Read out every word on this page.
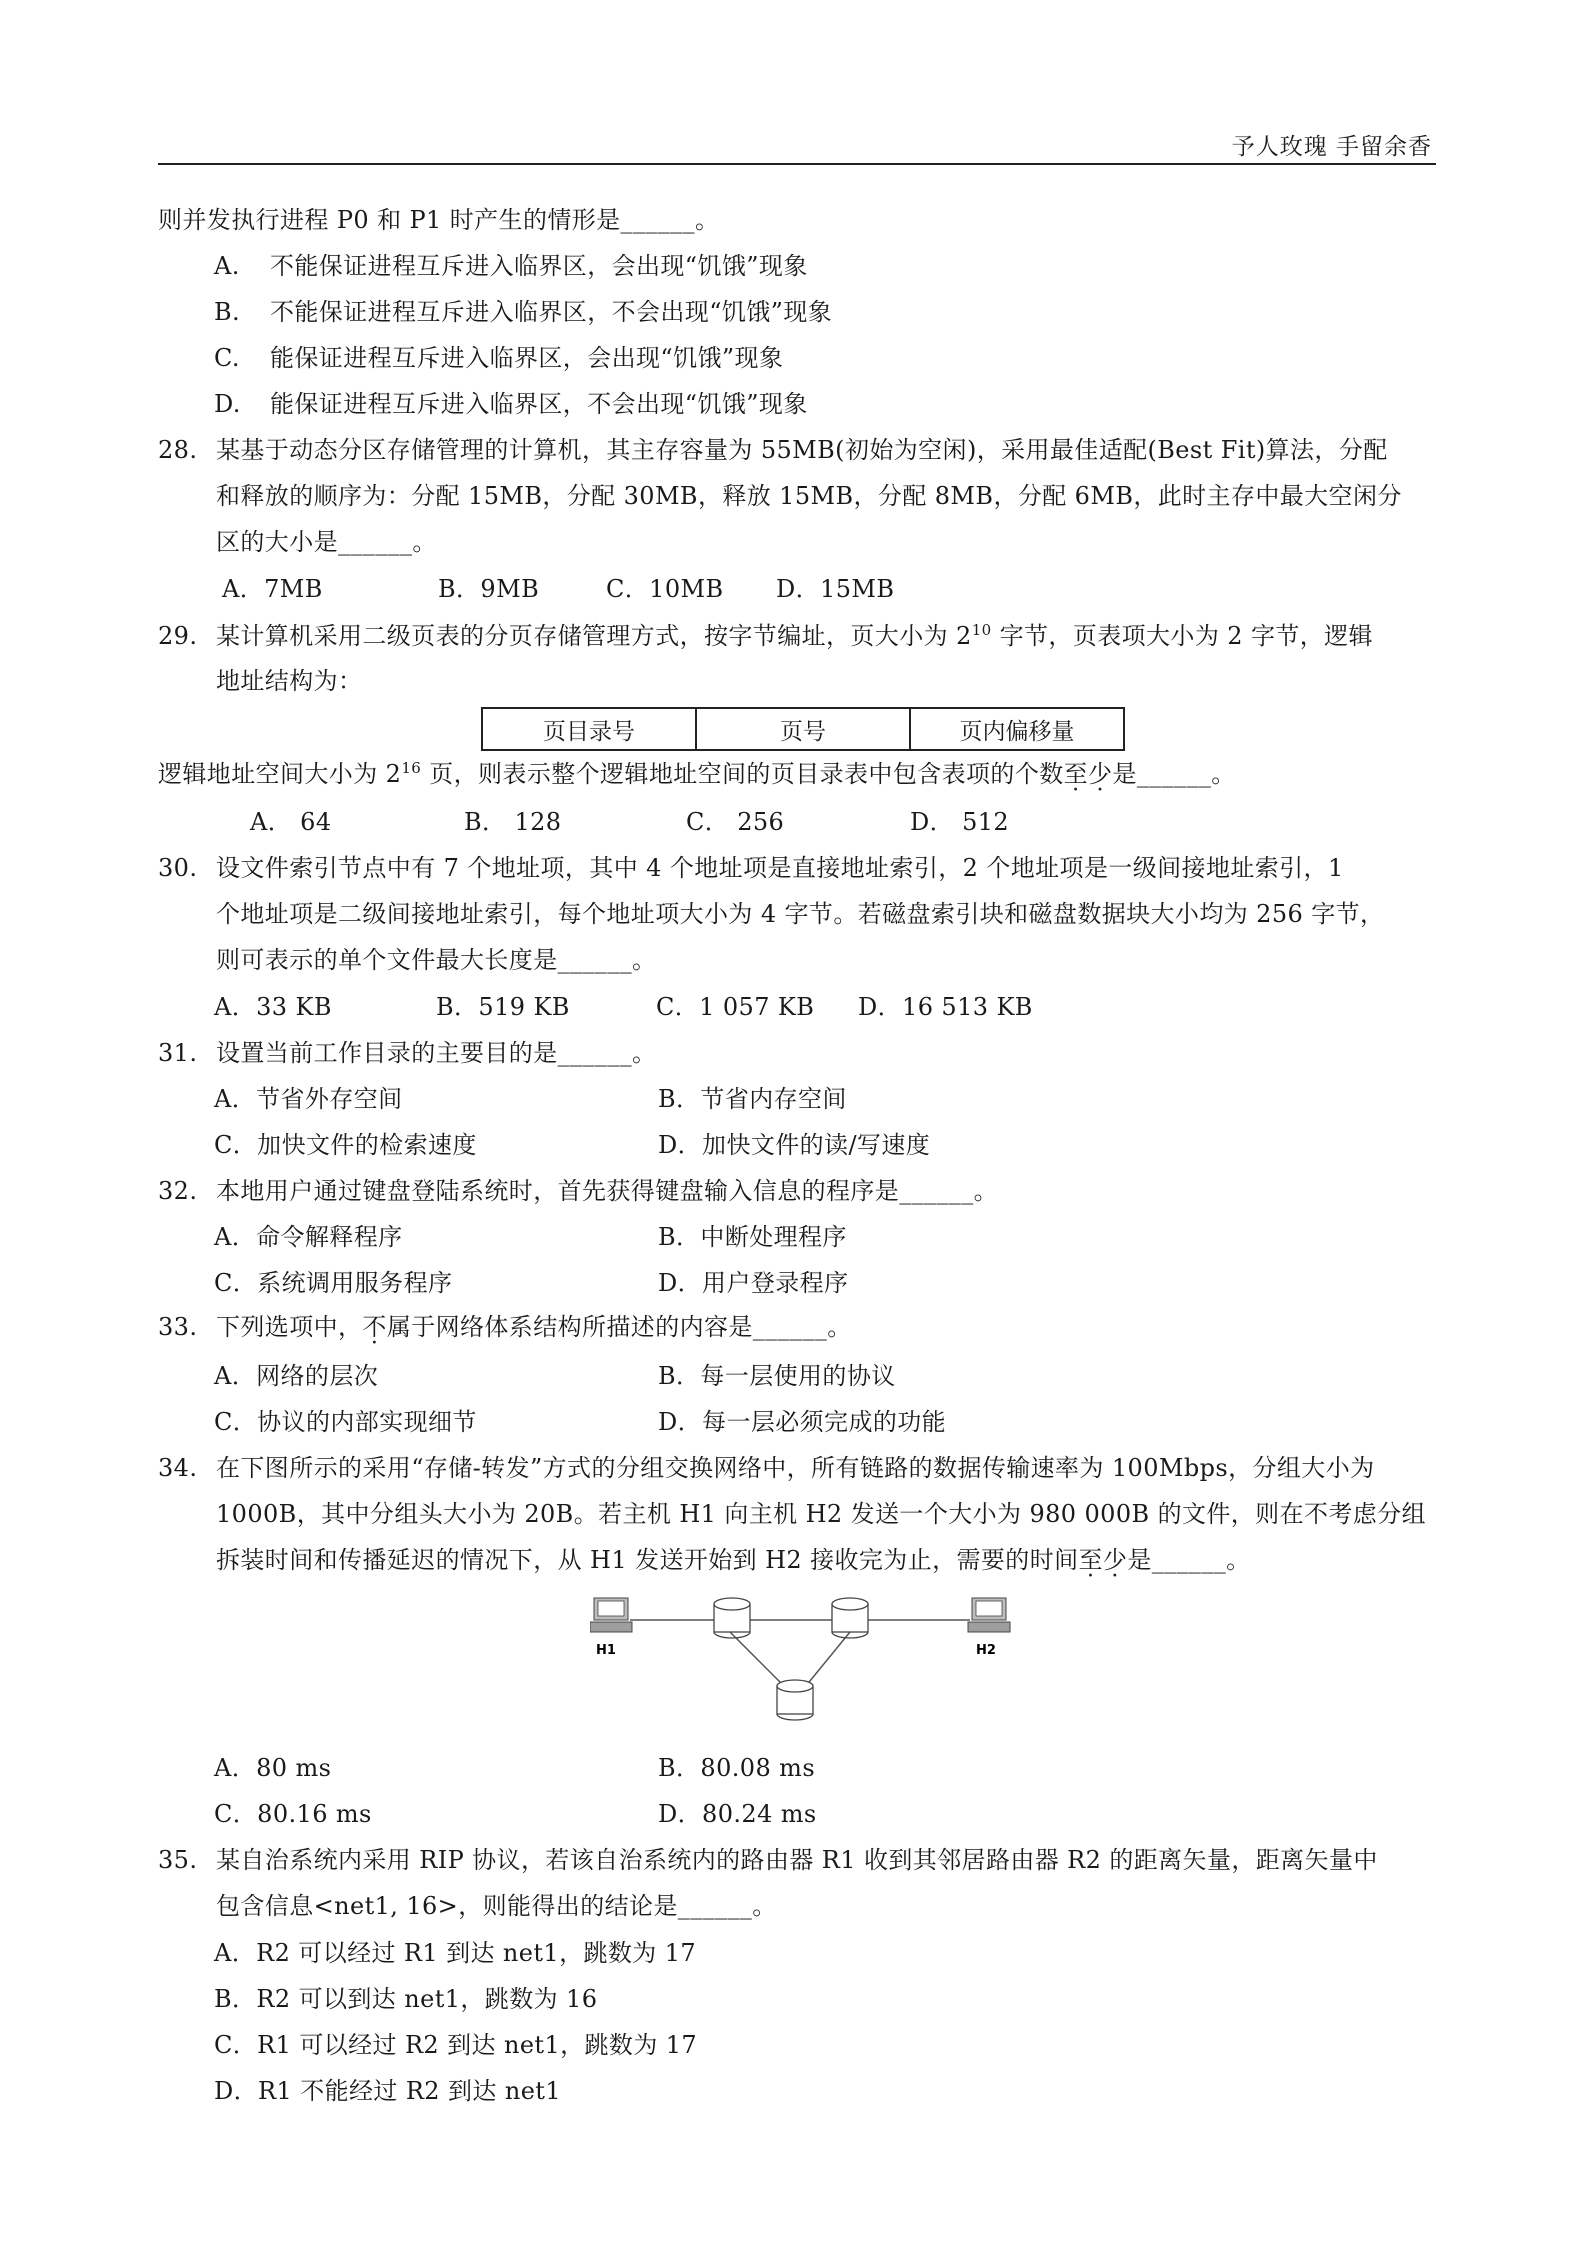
予人玫瑰 手留余香
则并发执行进程 P0 和 P1 时产生的情形是______。
A. 不能保证进程互斥进入临界区，会出现“饥饿”现象
B. 不能保证进程互斥进入临界区，不会出现“饥饿”现象
C. 能保证进程互斥进入临界区，会出现“饥饿”现象
D. 能保证进程互斥进入临界区，不会出现“饥饿”现象
28. 某基于动态分区存储管理的计算机，其主存容量为 55MB(初始为空闲)，采用最佳适配(Best Fit)算法，分配
和释放的顺序为：分配 15MB，分配 30MB，释放 15MB，分配 8MB，分配 6MB，此时主存中最大空闲分
区的大小是______。
A．7MB	B．9MB	C．10MB D．15MB
29. 某计算机采用二级页表的分页存储管理方式，按字节编址，页大小为 $2^{10}$ 字节，页表项大小为 2 字节，逻辑
地址结构为：
页目录号	页号	页内偏移量
逻辑地址空间大小为 $2^{16}$ 页，则表示整个逻辑地址空间的页目录表中包含表项的个数至少是______。
A． 64	B． 128	C． 256	D． 512
30. 设文件索引节点中有 7 个地址项，其中 4 个地址项是直接地址索引，2 个地址项是一级间接地址索引，1
个地址项是二级间接地址索引，每个地址项大小为 4 字节。若磁盘索引块和磁盘数据块大小均为 256 字节，
则可表示的单个文件最大长度是______。
A．33 KB	B．519 KB	C．1 057 KB D．16 513 KB
31. 设置当前工作目录的主要目的是______。
A．节省外存空间	B．节省内存空间
C．加快文件的检索速度	D．加快文件的读/写速度
32. 本地用户通过键盘登陆系统时，首先获得键盘输入信息的程序是______。
A．命令解释程序	B．中断处理程序
C．系统调用服务程序	D．用户登录程序
33. 下列选项中，不属于网络体系结构所描述的内容是______。
A．网络的层次	B．每一层使用的协议
C．协议的内部实现细节	D．每一层必须完成的功能
34. 在下图所示的采用“存储-转发”方式的分组交换网络中，所有链路的数据传输速率为 100Mbps，分组大小为
1000B，其中分组头大小为 20B。若主机 H1 向主机 H2 发送一个大小为 980 000B 的文件，则在不考虑分组
拆装时间和传播延迟的情况下，从 H1 发送开始到 H2 接收完为止，需要的时间至少是______。
H1	H2
A．80 ms	B．80.08 ms
C．80.16 ms	D．80.24 ms
35. 某自治系统内采用 RIP 协议，若该自治系统内的路由器 R1 收到其邻居路由器 R2 的距离矢量，距离矢量中
包含信息<net1, 16>，则能得出的结论是______。
A．R2 可以经过 R1 到达 net1，跳数为 17
B．R2 可以到达 net1，跳数为 16
C．R1 可以经过 R2 到达 net1，跳数为 17
D．R1 不能经过 R2 到达 net1
